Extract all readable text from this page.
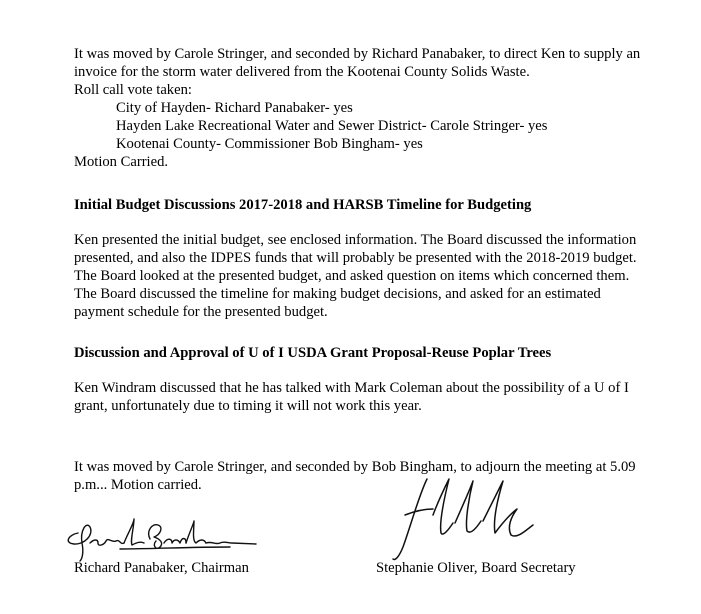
It was moved by Carole Stringer, and seconded by Richard Panabaker, to direct Ken to supply an

invoice for the storm water delivered from the Kootenai County Solids Waste.

Roll call vote taken:

City of Hayden- Richard Panabaker- yes

Hayden Lake Recreational Water and Sewer District- Carole Stringer- yes

Kootenai County- Commissioner Bob Bingham- yes

Motion Carried.

Initial Budget Discussions 2017-2018 and HARSB Timeline for Budgeting

Ken presented the initial budget, see enclosed information. The Board discussed the information

presented, and also the IDPES funds that will probably be presented with the 2018-2019 budget.

The Board looked at the presented budget, and asked question on items which concerned them.

The Board discussed the timeline for making budget decisions, and asked for an estimated

payment schedule for the presented budget.

Discussion and Approval of U of I USDA Grant Proposal-Reuse Poplar Trees

Ken Windram discussed that he has talked with Mark Coleman about the possibility of a U of I

grant, unfortunately due to timing it will not work this year.

It was moved by Carole Stringer, and seconded by Bob Bingham, to adjourn the meeting at 5.09

p.m... Motion carried.

Richard Panabaker, Chairman	Stephanie Oliver, Board Secretary
